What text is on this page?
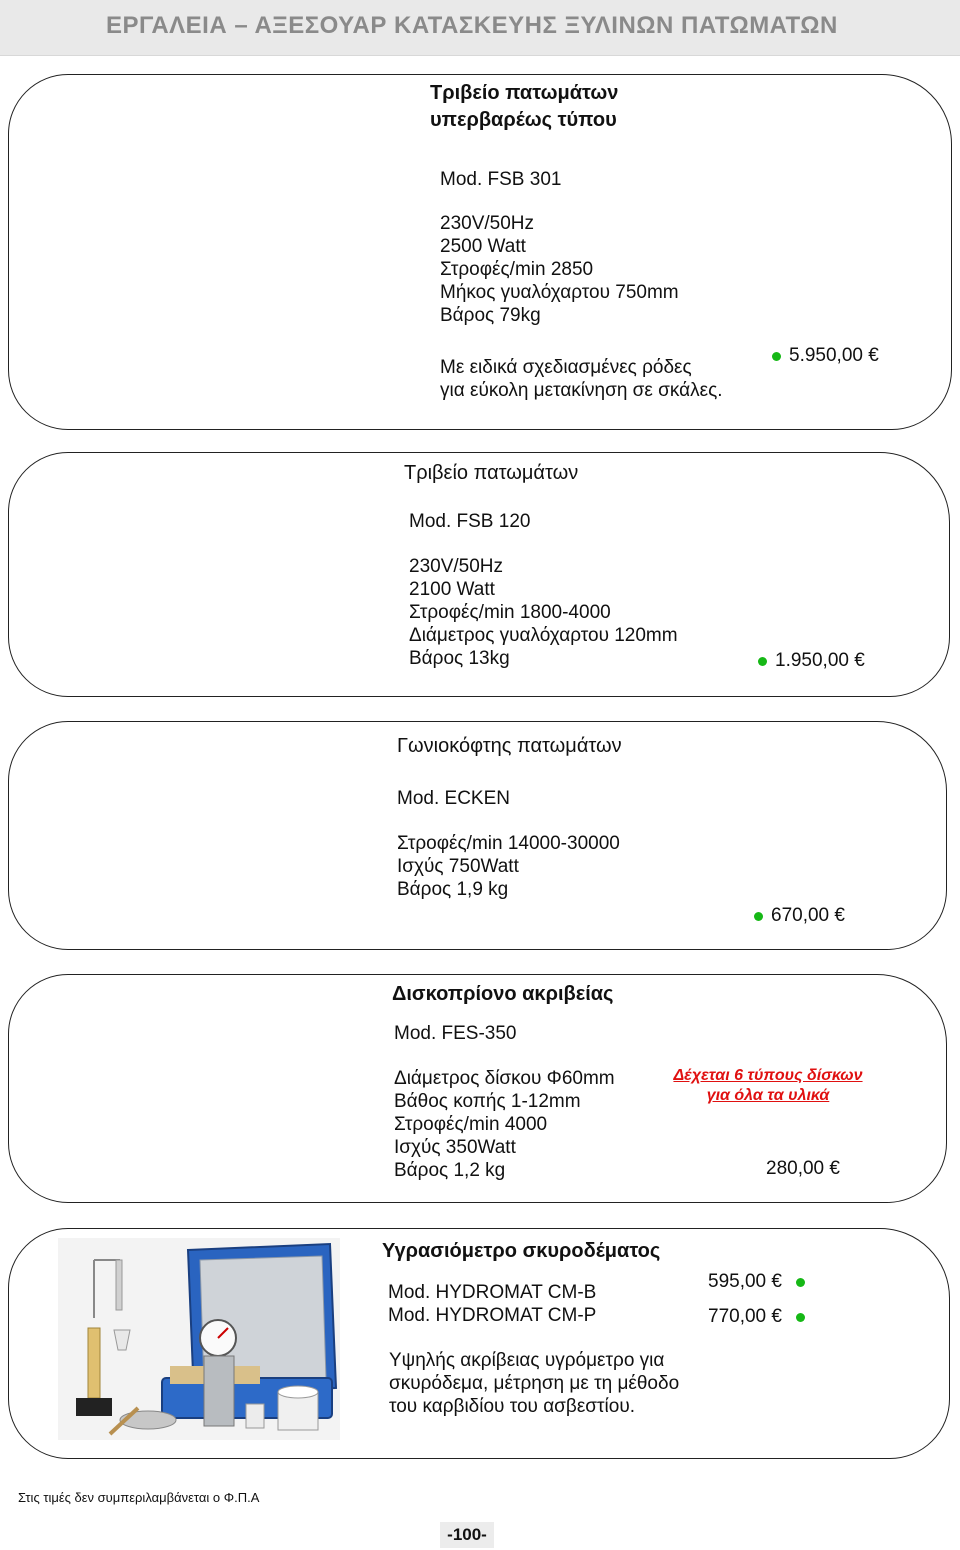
ΕΡΓΑΛΕΙΑ – ΑΞΕΣΟΥΑΡ ΚΑΤΑΣΚΕΥΗΣ ΞΥΛΙΝΩΝ ΠΑΤΩΜΑΤΩΝ
Τριβείο πατωμάτων
υπερβαρέως τύπου
Mod. FSB 301
230V/50Hz
2500 Watt
Στροφές/min 2850
Μήκος γυαλόχαρτου 750mm
Βάρος 79kg
Με ειδικά σχεδιασμένες ρόδες
για εύκολη μετακίνηση σε σκάλες.
5.950,00 €
Τριβείο πατωμάτων
Mod. FSB 120
230V/50Hz
2100 Watt
Στροφές/min 1800-4000
Διάμετρος γυαλόχαρτου 120mm
Βάρος 13kg	1.950,00 €
Γωνιοκόφτης πατωμάτων
Mod. ECKEN
Στροφές/min 14000-30000
Ισχύς 750Watt
Βάρος 1,9 kg
670,00 €
Δισκοπρίονο ακριβείας
Mod. FES-350
Διάμετρος δίσκου Φ60mm
Βάθος κοπής 1-12mm
Στροφές/min 4000
Ισχύς 350Watt
Βάρος 1,2 kg
Δέχεται 6 τύπους δίσκων
για όλα τα υλικά
280,00 €
Υγρασιόμετρο σκυροδέματος
Mod. HYDROMAT CM-B
Mod. HYDROMAT CM-P
595,00 €
770,00 €
Υψηλής ακρίβειας υγρόμετρο για
σκυρόδεμα, μέτρηση με τη μέθοδο
του καρβιδίου του ασβεστίου.
Στις τιμές δεν συμπεριλαμβάνεται ο Φ.Π.Α
-100-
